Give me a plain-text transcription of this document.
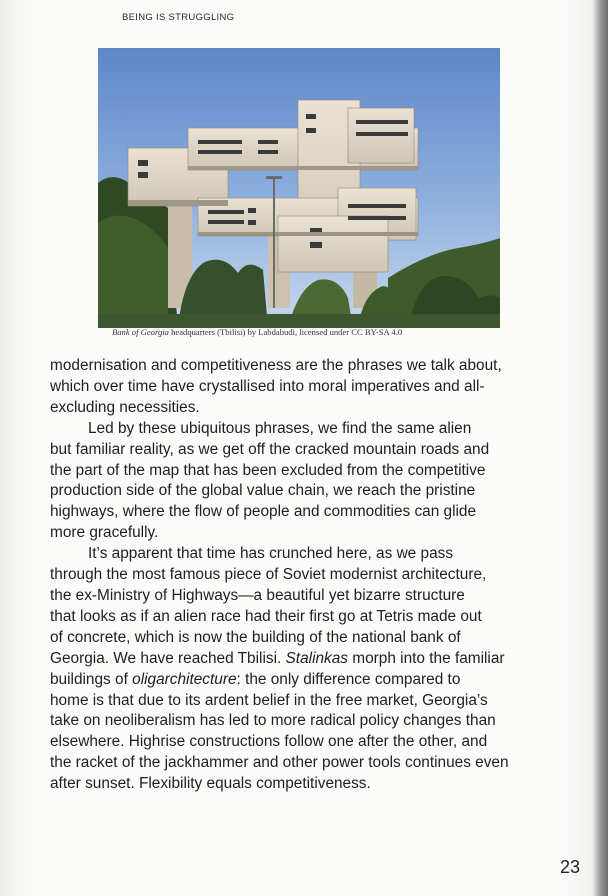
BEING IS STRUGGLING
Bank of Georgia headquarters (Tbilisi) by Labdabudi, licensed under CC BY-SA 4.0

modernisation and competitiveness are the phrases we talk about,
which over time have crystallised into moral imperatives and all-
excluding necessities.

Led by these ubiquitous phrases, we find the same alien
but familiar reality, as we get off the cracked mountain roads and
the part of the map that has been excluded from the competitive
production side of the global value chain, we reach the pristine
highways, where the flow of people and commodities can glide
more gracefully.

It’s apparent that time has crunched here, as we pass
through the most famous piece of Soviet modernist architecture,
the ex-Ministry of Highways—a beautiful yet bizarre structure
that looks as if an alien race had their first go at Tetris made out
of concrete, which is now the building of the national bank of
Georgia. We have reached Tbilisi. Stalinkas morph into the familiar
buildings of oligarchitecture: the only difference compared to
home is that due to its ardent belief in the free market, Georgia’s
take on neoliberalism has led to more radical policy changes than
elsewhere. Highrise constructions follow one after the other, and
the racket of the jackhammer and other power tools continues even
after sunset. Flexibility equals competitiveness.

23
